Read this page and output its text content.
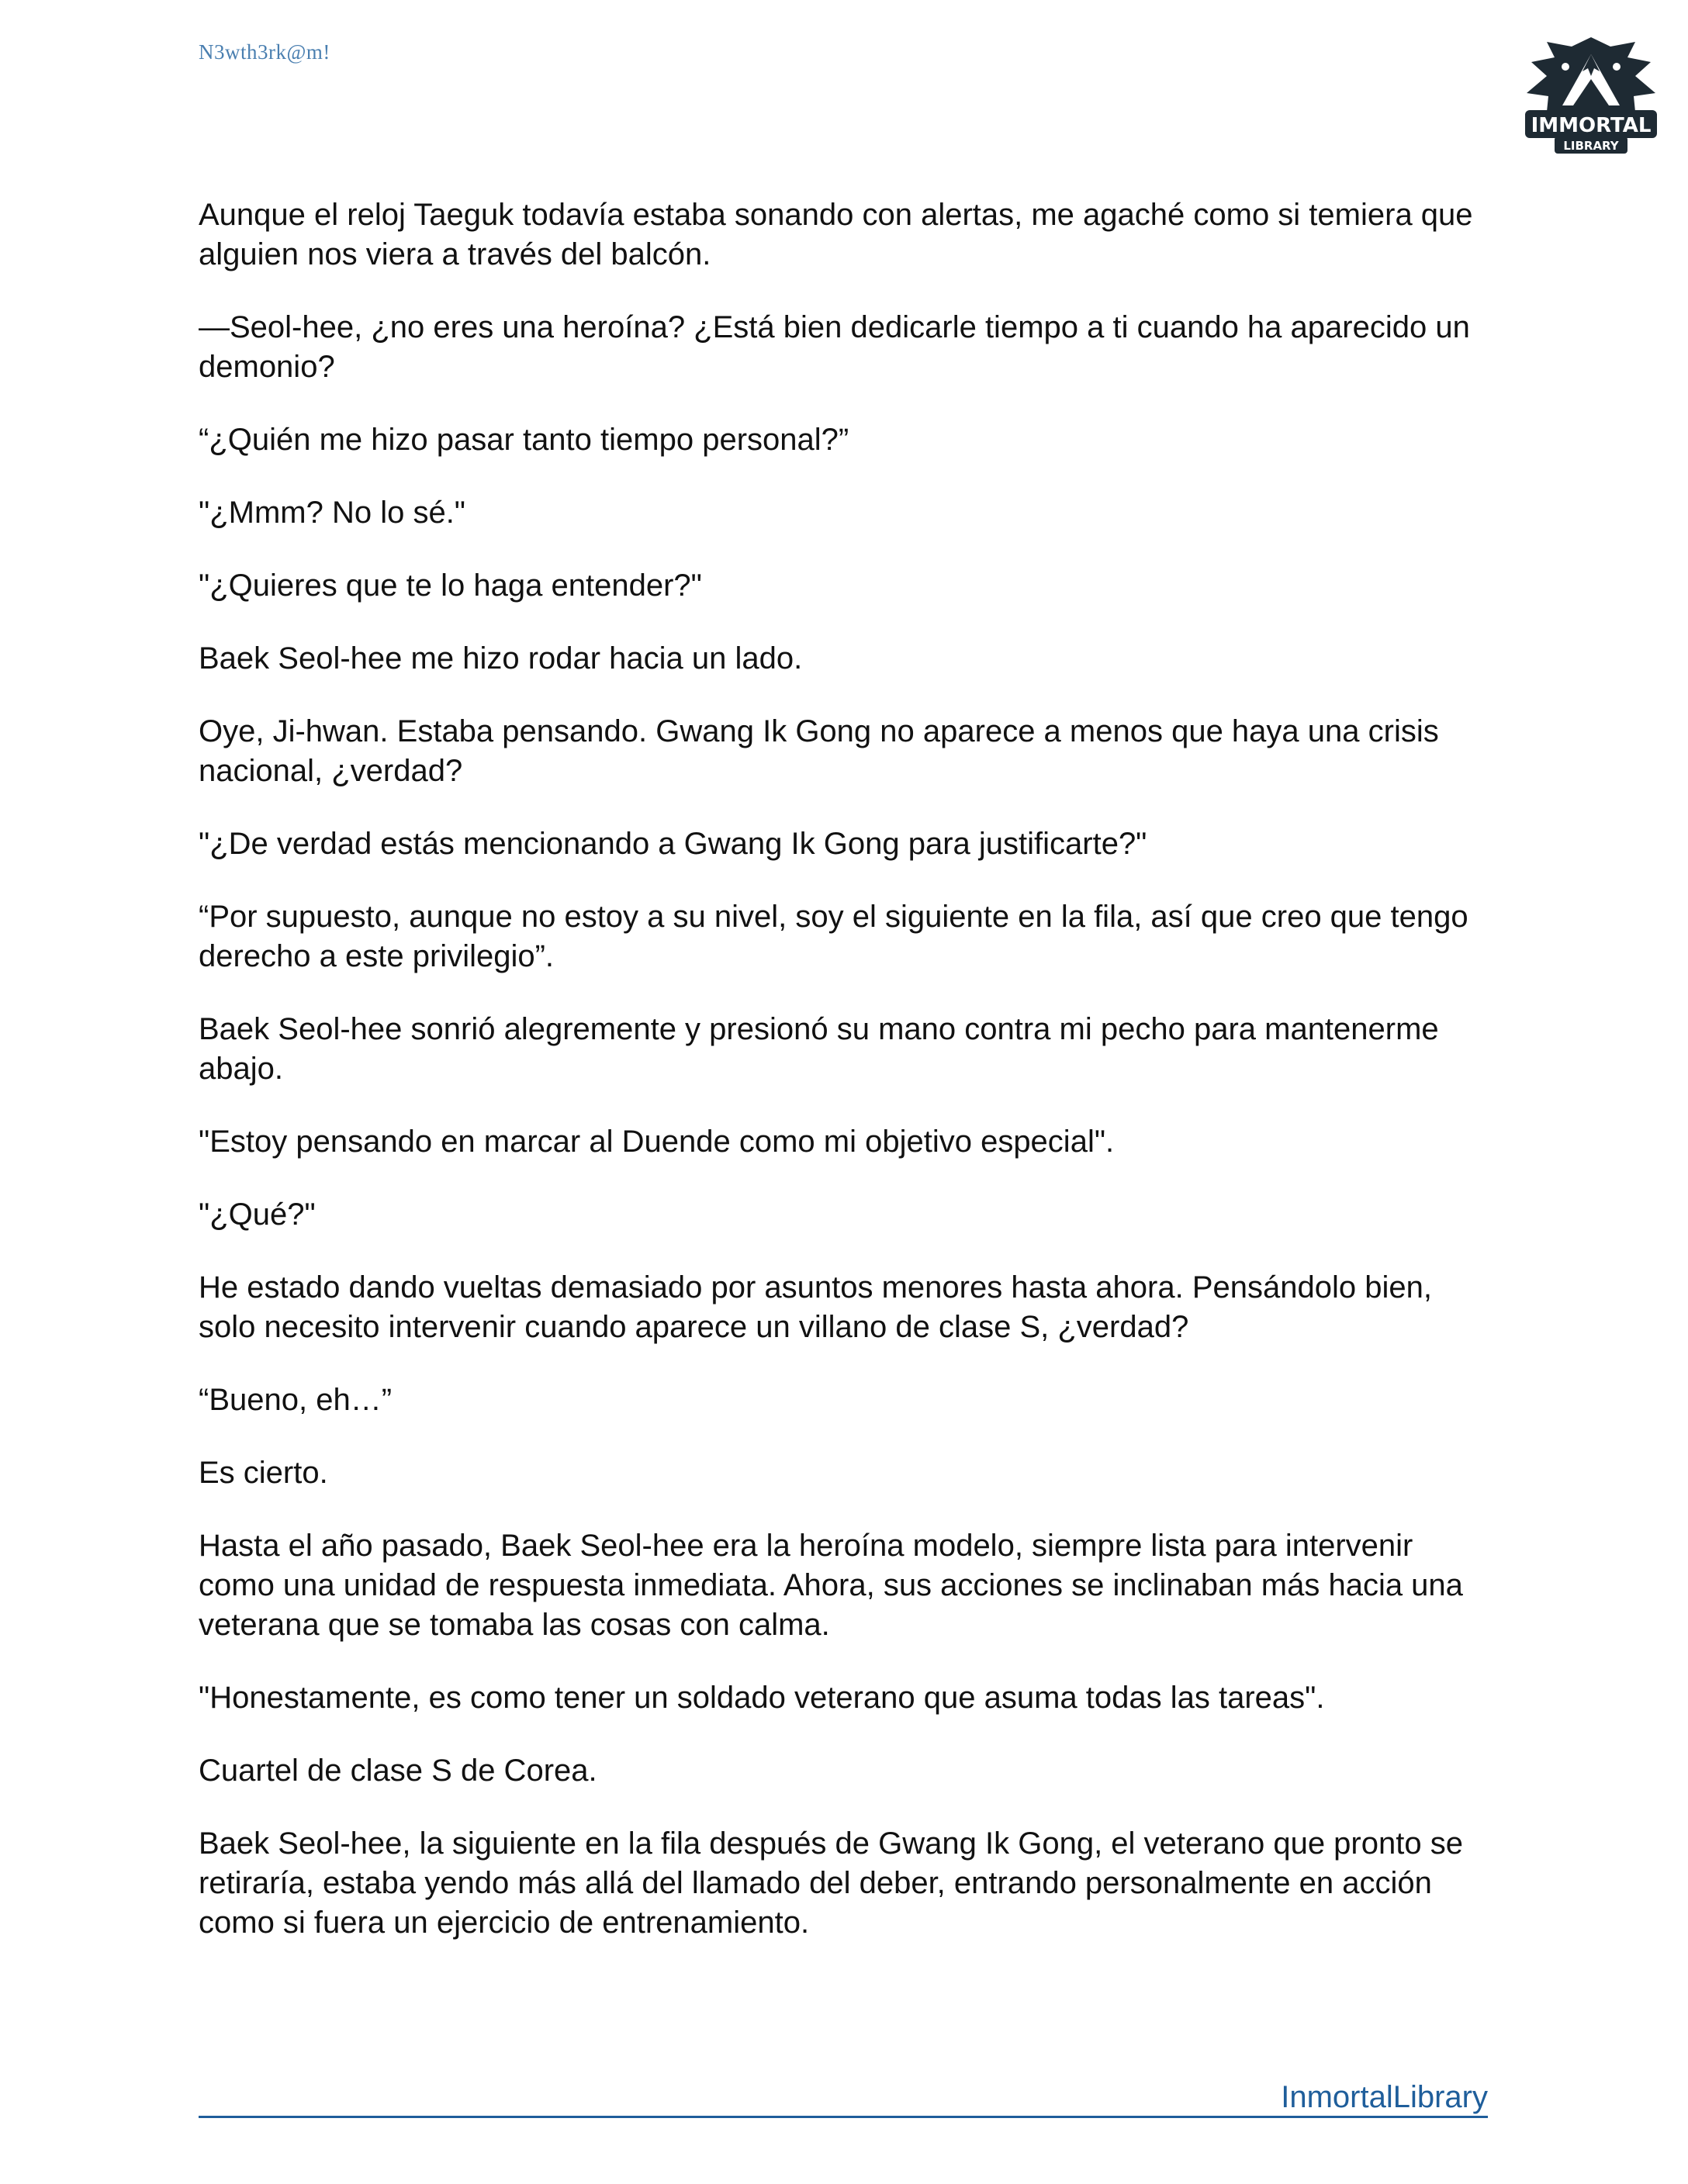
N3wth3rk@m!
IMMORTAL
LIBRARY

Aunque el reloj Taeguk todavía estaba sonando con alertas, me agaché como si temiera que alguien nos viera a través del balcón.

—Seol-hee, ¿no eres una heroína? ¿Está bien dedicarle tiempo a ti cuando ha aparecido un demonio?

“¿Quién me hizo pasar tanto tiempo personal?”

"¿Mmm? No lo sé."

"¿Quieres que te lo haga entender?"

Baek Seol-hee me hizo rodar hacia un lado.

Oye, Ji-hwan. Estaba pensando. Gwang Ik Gong no aparece a menos que haya una crisis nacional, ¿verdad?

"¿De verdad estás mencionando a Gwang Ik Gong para justificarte?"

“Por supuesto, aunque no estoy a su nivel, soy el siguiente en la fila, así que creo que tengo derecho a este privilegio”.

Baek Seol-hee sonrió alegremente y presionó su mano contra mi pecho para mantenerme abajo.

"Estoy pensando en marcar al Duende como mi objetivo especial".

"¿Qué?"

He estado dando vueltas demasiado por asuntos menores hasta ahora. Pensándolo bien, solo necesito intervenir cuando aparece un villano de clase S, ¿verdad?

“Bueno, eh…”

Es cierto.

Hasta el año pasado, Baek Seol-hee era la heroína modelo, siempre lista para intervenir como una unidad de respuesta inmediata. Ahora, sus acciones se inclinaban más hacia una veterana que se tomaba las cosas con calma.

"Honestamente, es como tener un soldado veterano que asuma todas las tareas".

Cuartel de clase S de Corea.

Baek Seol-hee, la siguiente en la fila después de Gwang Ik Gong, el veterano que pronto se retiraría, estaba yendo más allá del llamado del deber, entrando personalmente en acción como si fuera un ejercicio de entrenamiento.

InmortalLibrary
